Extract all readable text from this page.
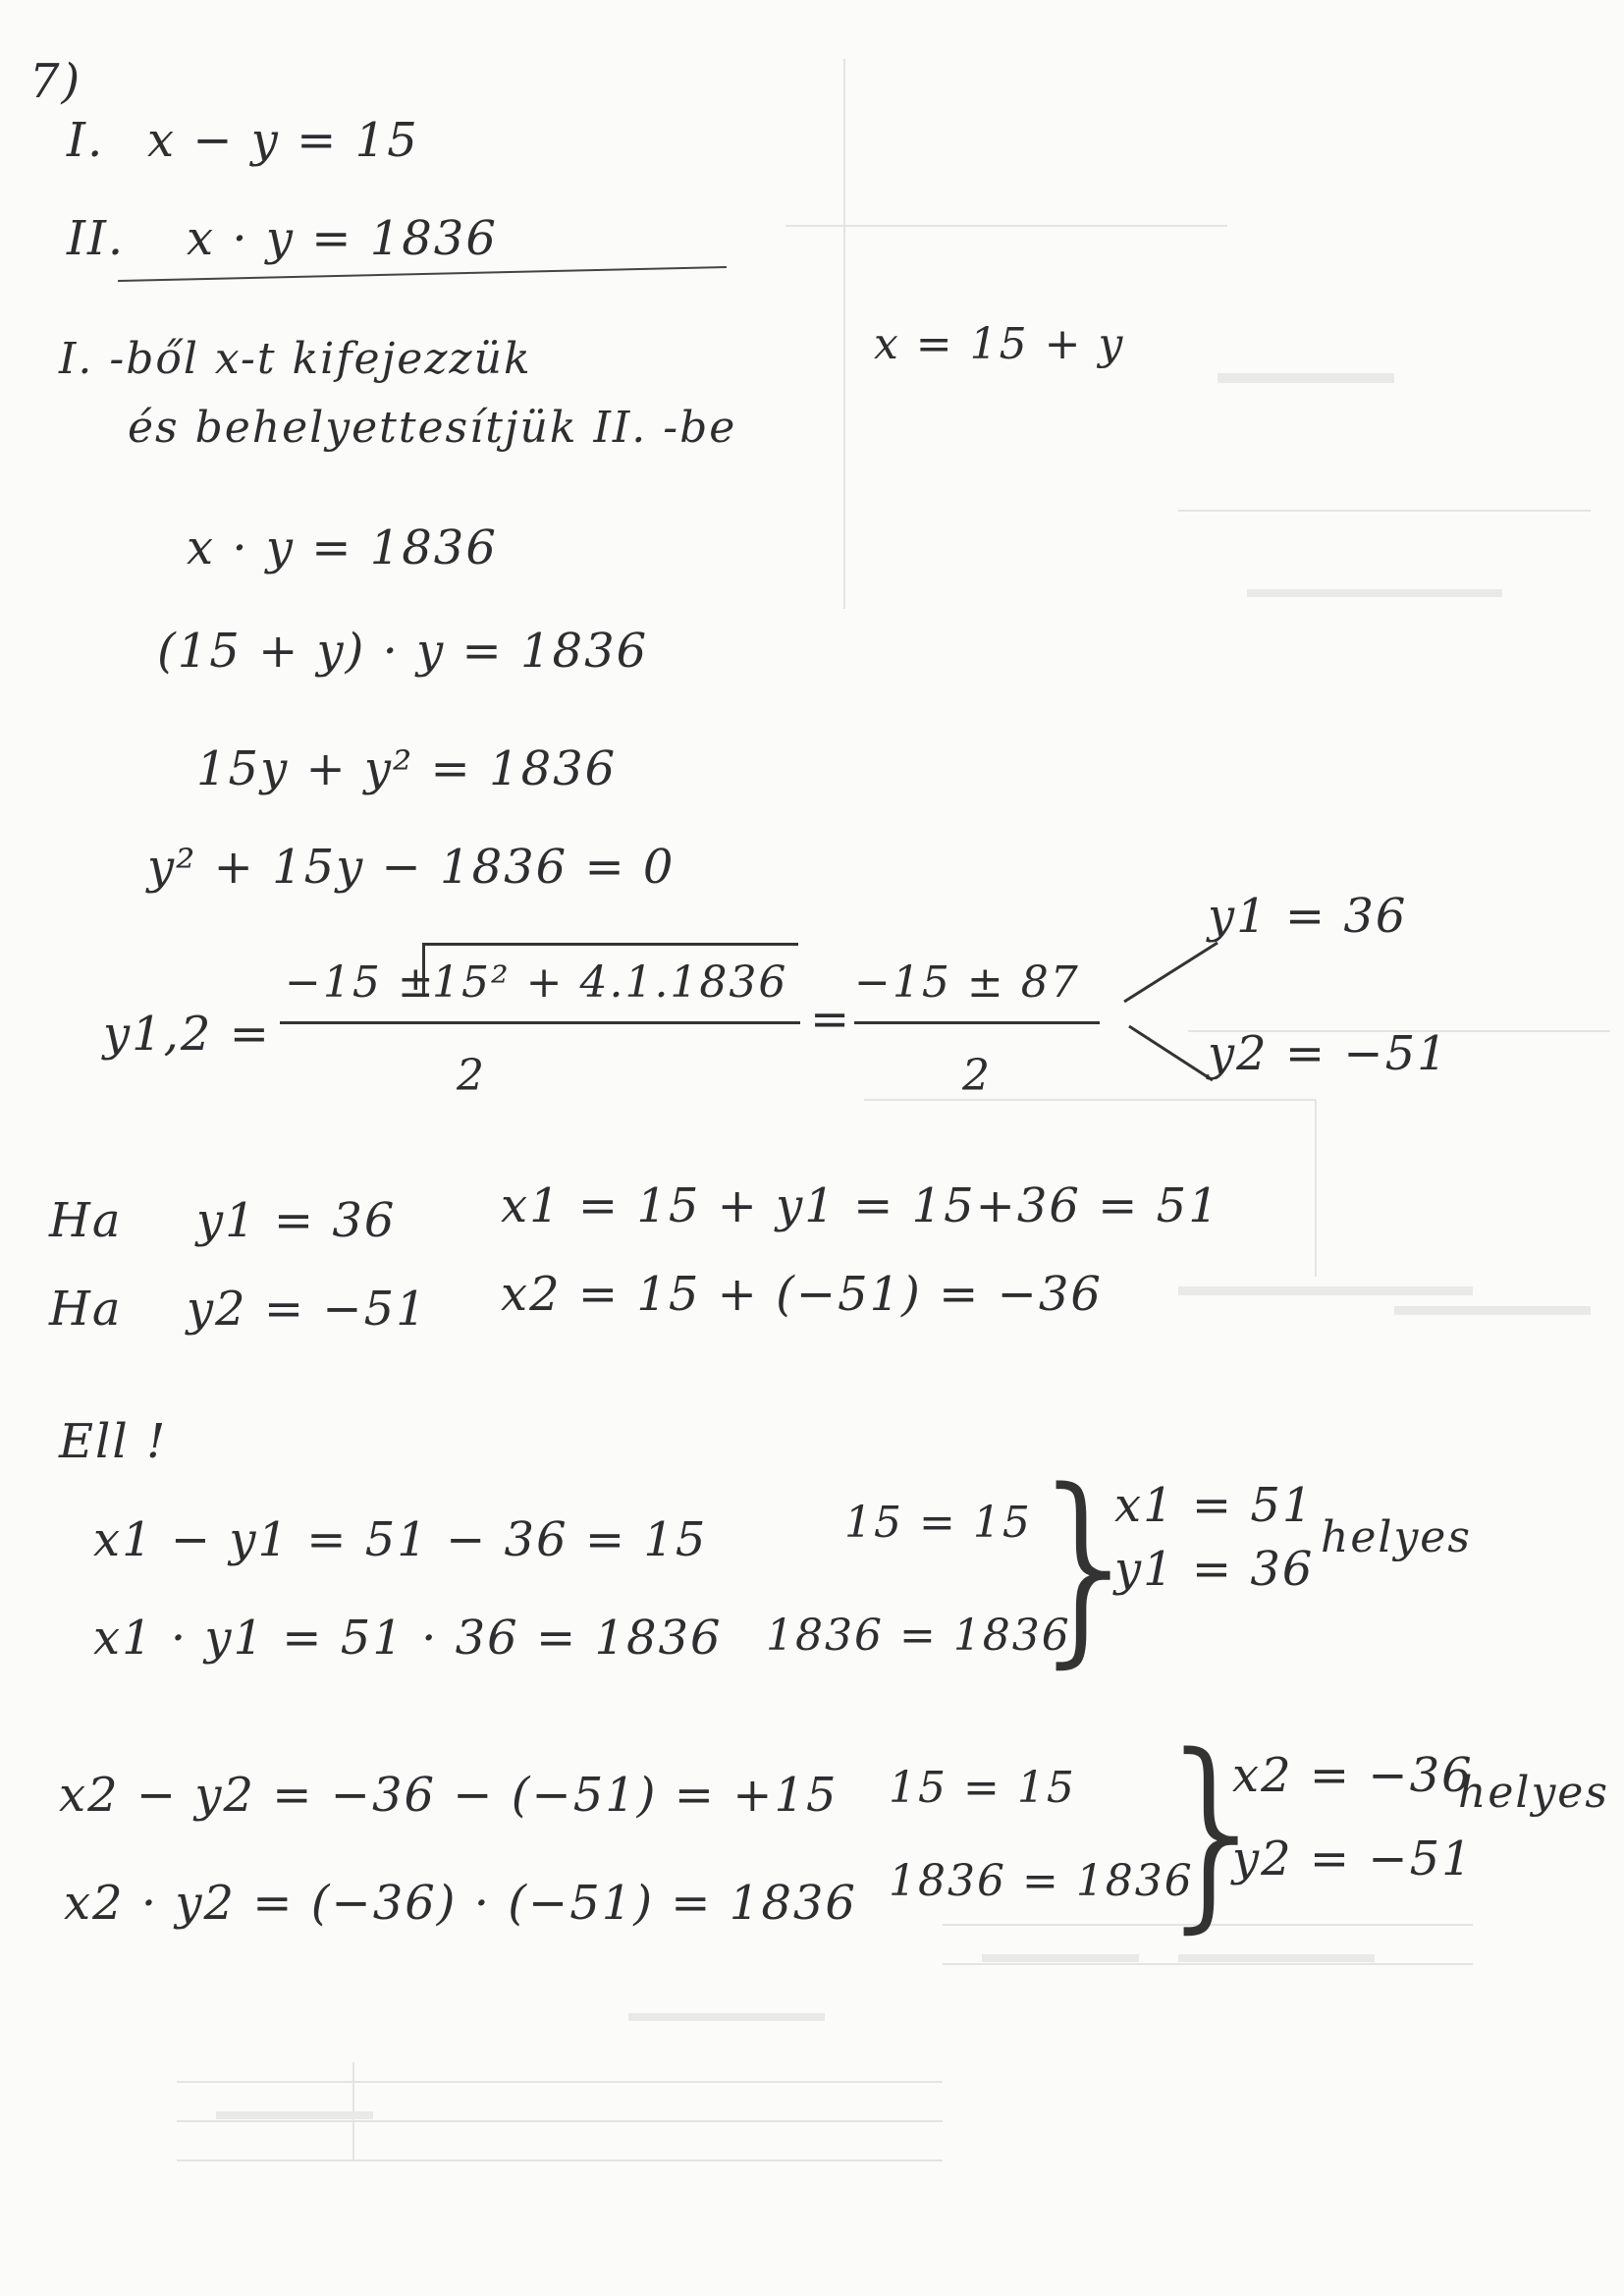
7)
I. x − y = 15
II. x · y = 1836
I. -ből x-t kifejezzük	x = 15 + y
és behelyettesítjük II. -be
x · y = 1836
(15 + y) · y = 1836
15y + y² = 1836
y² + 15y − 1836 = 0
y1,2 =
−15 ±
15² + 4.1.1836
2
=
−15 ± 87
2
y1 = 36
y2 = −51
Ha y1 = 36 x1 = 15 + y1 = 15+36 = 51
Ha y2 = −51 x2 = 15 + (−51) = −36
Ell !
x1 − y1 = 51 − 36 = 15	15 = 15
x1 · y1 = 51 · 36 = 1836 1836 = 1836
}
x1 = 51
y1 = 36
helyes
x2 − y2 = −36 − (−51) = +15 15 = 15
x2 · y2 = (−36) · (−51) = 1836 1836 = 1836
}
x2 = −36
y2 = −51
helyes
